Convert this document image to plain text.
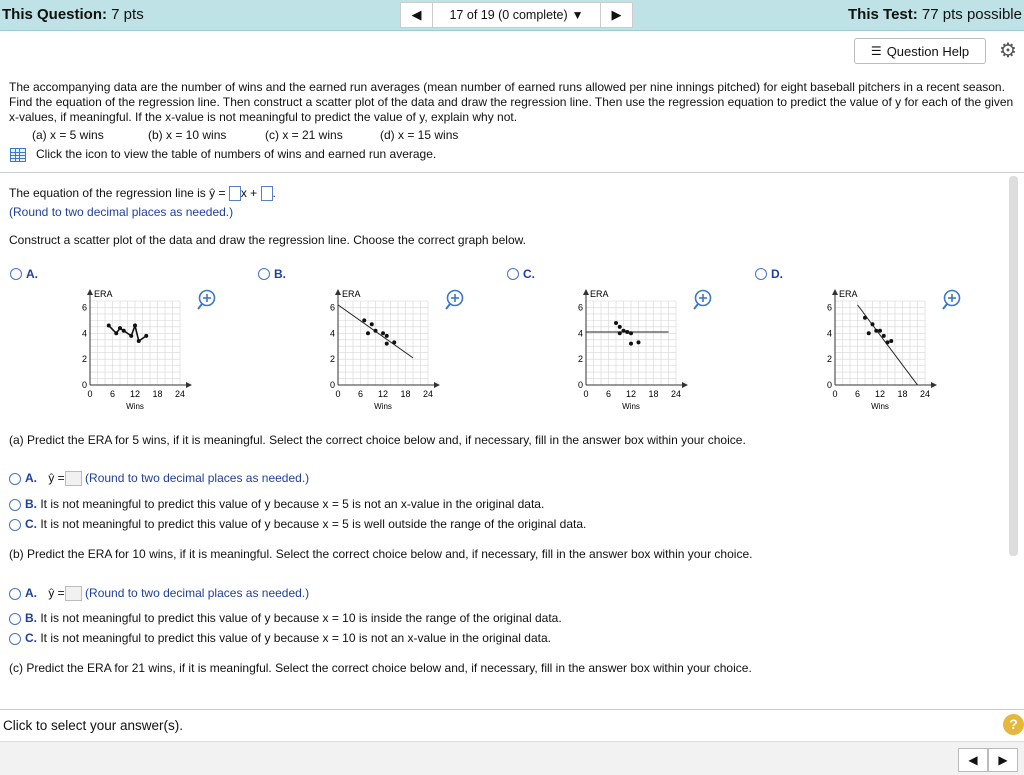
This Question: 7 pts	◀ 17 of 19 (0 complete) ▼ ▶	This Test: 77 pts possible
☰ Question Help ⚙
The accompanying data are the number of wins and the earned run averages (mean number of earned runs allowed per nine innings pitched) for eight baseball pitchers in a recent season. Find the equation of the regression line. Then construct a scatter plot of the data and draw the regression line. Then use the regression equation to predict the value of y for each of the given x-values, if meaningful. If the x-value is not meaningful to predict the value of y, explain why not.
(a) x = 5 wins	(b) x = 10 wins	(c) x = 21 wins	(d) x = 15 wins
Click the icon to view the table of numbers of wins and earned run average.
The equation of the regression line is ŷ = x + .
(Round to two decimal places as needed.)
Construct a scatter plot of the data and draw the regression line. Choose the correct graph below.
A.	B.	C.	D.
ERA
Wins
0 6 12 18 24
0
2
4
6
ERA
Wins
0 6 12 18 24
0
2
4
6
ERA
Wins
0 6 12 18 24
0
2
4
6
ERA
Wins
0 6 12 18 24
0
2
4
6
(a) Predict the ERA for 5 wins, if it is meaningful. Select the correct choice below and, if necessary, fill in the answer box within your choice.
A. ŷ = (Round to two decimal places as needed.)
B. It is not meaningful to predict this value of y because x = 5 is not an x-value in the original data.
C. It is not meaningful to predict this value of y because x = 5 is well outside the range of the original data.
(b) Predict the ERA for 10 wins, if it is meaningful. Select the correct choice below and, if necessary, fill in the answer box within your choice.
A. ŷ = (Round to two decimal places as needed.)
B. It is not meaningful to predict this value of y because x = 10 is inside the range of the original data.
C. It is not meaningful to predict this value of y because x = 10 is not an x-value in the original data.
(c) Predict the ERA for 21 wins, if it is meaningful. Select the correct choice below and, if necessary, fill in the answer box within your choice.
Click to select your answer(s).	?
◀ ▶
